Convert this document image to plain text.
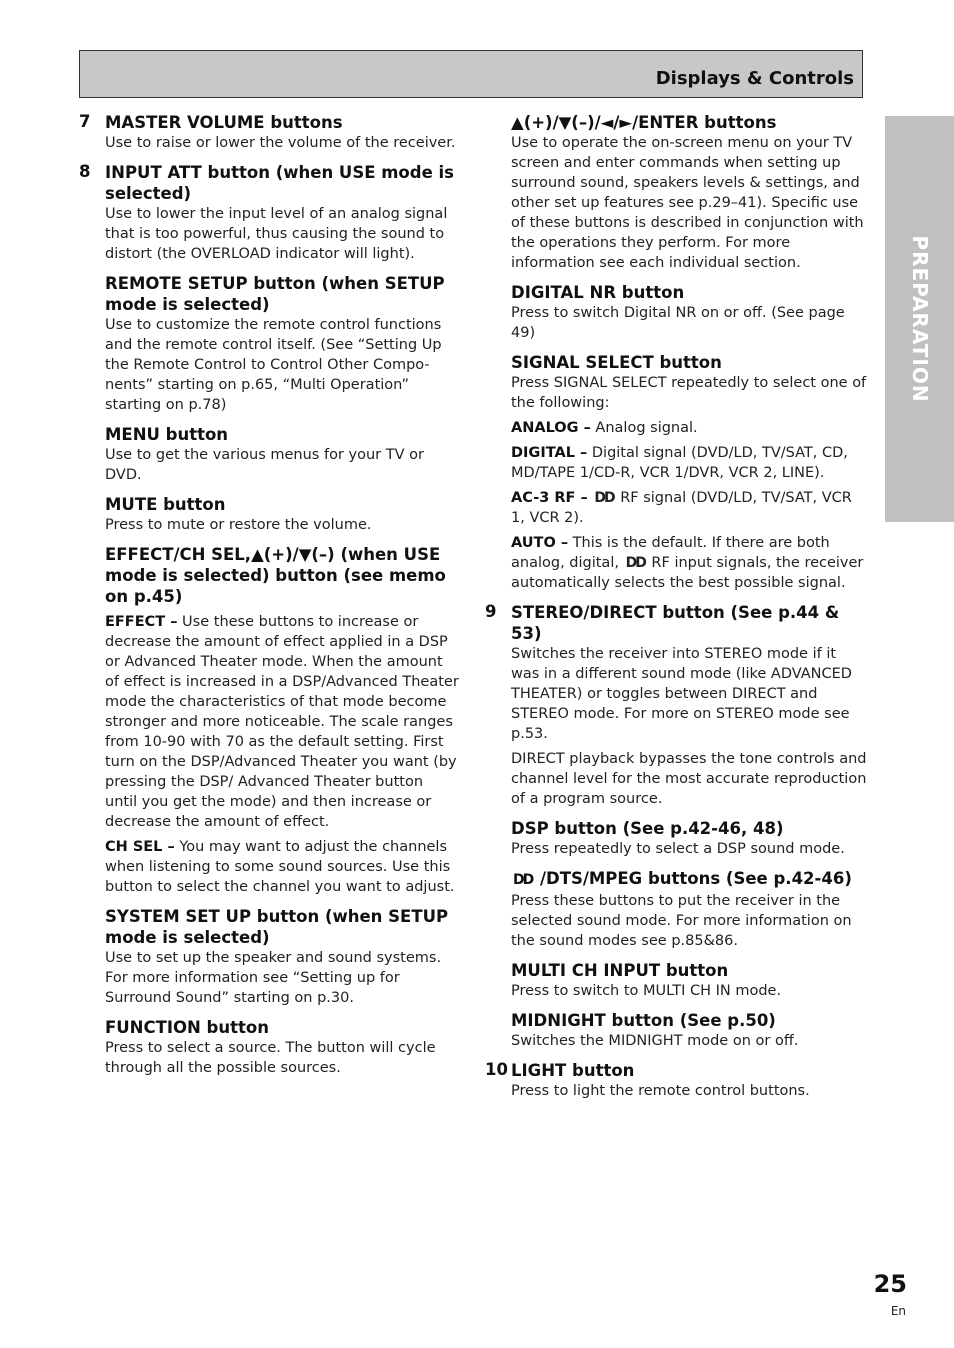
Displays & Controls
PREPARATION
7 MASTER VOLUME buttons
Use to raise or lower the volume of the receiver.
8 INPUT ATT button (when USE mode is selected)
Use to lower the input level of an analog signal that is too powerful, thus causing the sound to distort (the OVERLOAD indicator will light).
REMOTE SETUP button (when SETUP mode is selected)
Use to customize the remote control functions and the remote control itself. (See “Setting Up the Remote Control to Control Other Compo-nents” starting on p.65, “Multi Operation” starting on p.78)
MENU button
Use to get the various menus for your TV or DVD.
MUTE button
Press to mute or restore the volume.
EFFECT/CH SEL,▲(+)/▼(–) (when USE mode is selected) button (see memo on p.45)
EFFECT – Use these buttons to increase or decrease the amount of effect applied in a DSP or Advanced Theater mode. When the amount of effect is increased in a DSP/Advanced Theater mode the characteristics of that mode become stronger and more noticeable. The scale ranges from 10-90 with 70 as the default setting. First turn on the DSP/Advanced Theater you want (by pressing the DSP/ Advanced Theater button until you get the mode) and then increase or decrease the amount of effect.
CH SEL – You may want to adjust the channels when listening to some sound sources. Use this button to select the channel you want to adjust.
SYSTEM SET UP button (when SETUP mode is selected)
Use to set up the speaker and sound systems. For more information see “Setting up for Surround Sound” starting on p.30.
FUNCTION button
Press to select a source. The button will cycle through all the possible sources.
▲(+)/▼(–)/◄/►/ENTER buttons
Use to operate the on-screen menu on your TV screen and enter commands when setting up surround sound, speakers levels & settings, and other set up features see p.29–41). Specific use of these buttons is described in conjunction with the operations they perform. For more information see each individual section.
DIGITAL NR button
Press to switch Digital NR on or off. (See page 49)
SIGNAL SELECT button
Press SIGNAL SELECT repeatedly to select one of the following:
ANALOG – Analog signal.
DIGITAL – Digital signal (DVD/LD, TV/SAT, CD, MD/TAPE 1/CD-R, VCR 1/DVR, VCR 2, LINE).
AC-3 RF – DD RF signal (DVD/LD, TV/SAT, VCR 1, VCR 2).
AUTO – This is the default. If there are both analog, digital, DD RF input signals, the receiver automatically selects the best possible signal.
9 STEREO/DIRECT button (See p.44 & 53)
Switches the receiver into STEREO mode if it was in a different sound mode (like ADVANCED THEATER) or toggles between DIRECT and STEREO mode. For more on STEREO mode see p.53.
DIRECT playback bypasses the tone controls and channel level for the most accurate reproduction of a program source.
DSP button (See p.42-46, 48)
Press repeatedly to select a DSP sound mode.
DD /DTS/MPEG buttons (See p.42-46)
Press these buttons to put the receiver in the selected sound mode. For more information on the sound modes see p.85&86.
MULTI CH INPUT button
Press to switch to MULTI CH IN mode.
MIDNIGHT button (See p.50)
Switches the MIDNIGHT mode on or off.
10 LIGHT button
Press to light the remote control buttons.
25
En
